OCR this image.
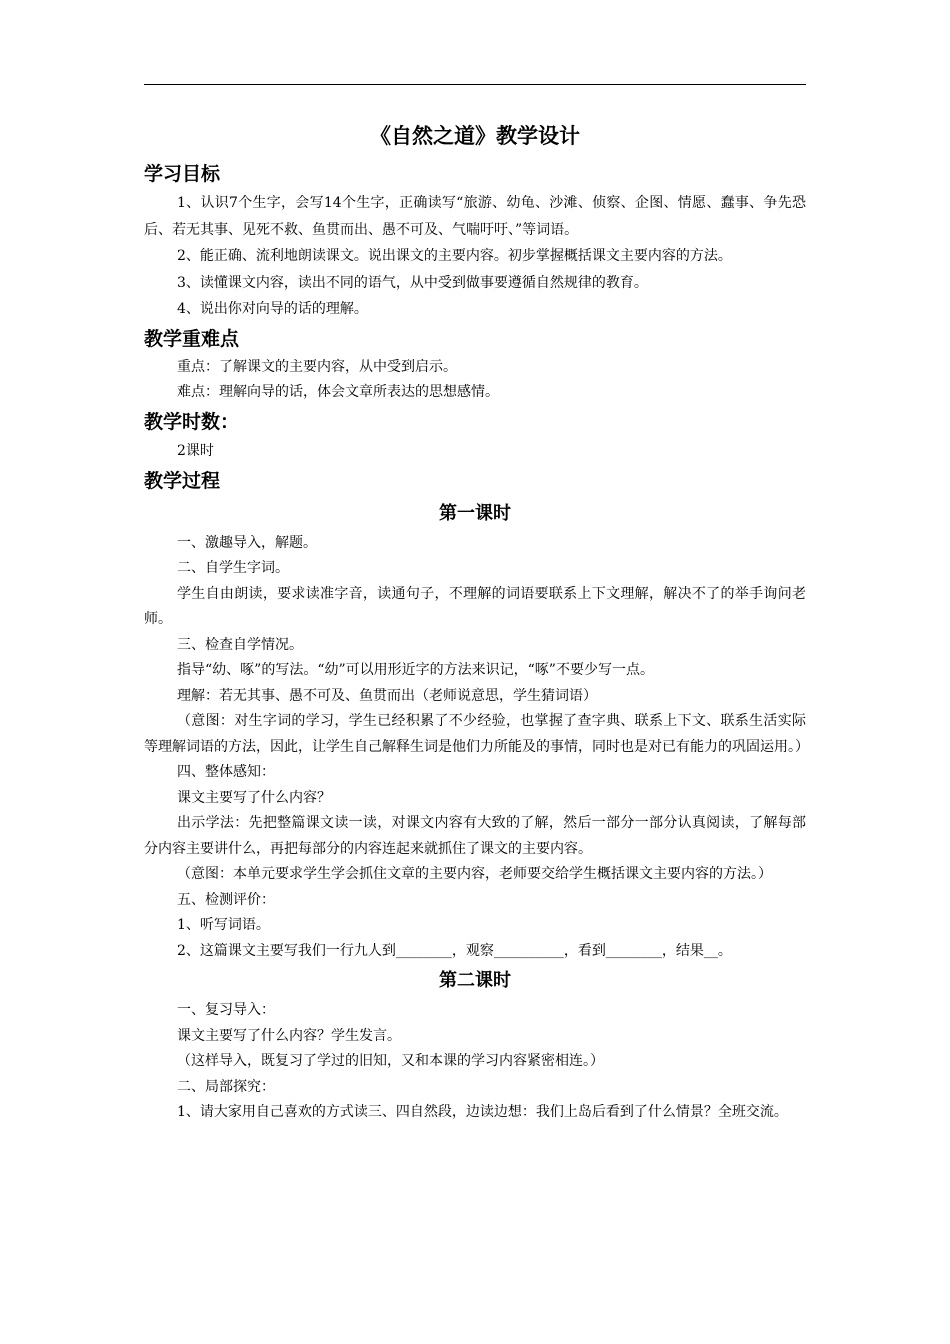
《自然之道》教学设计
学习目标

1、认识7个生字，会写14个生字，正确读写“旅游、幼龟、沙滩、侦察、企图、情愿、蠢事、争先恐后、若无其事、见死不救、鱼贯而出、愚不可及、气喘吁吁、”等词语。

2、能正确、流利地朗读课文。说出课文的主要内容。初步掌握概括课文主要内容的方法。

3、读懂课文内容，读出不同的语气，从中受到做事要遵循自然规律的教育。

4、说出你对向导的话的理解。

教学重难点

重点：了解课文的主要内容，从中受到启示。

难点：理解向导的话，体会文章所表达的思想感情。

教学时数：

2课时

教学过程
第一课时

一、激趣导入，解题。

二、自学生字词。

学生自由朗读，要求读准字音，读通句子，不理解的词语要联系上下文理解，解决不了的举手询问老师。

三、检查自学情况。

指导“幼、啄”的写法。“幼”可以用形近字的方法来识记，“啄”不要少写一点。

理解：若无其事、愚不可及、鱼贯而出（老师说意思，学生猜词语）

（意图：对生字词的学习，学生已经积累了不少经验，也掌握了查字典、联系上下文、联系生活实际等理解词语的方法，因此，让学生自己解释生词是他们力所能及的事情，同时也是对已有能力的巩固运用。）

四、整体感知：

课文主要写了什么内容？

出示学法：先把整篇课文读一读，对课文内容有大致的了解，然后一部分一部分认真阅读，了解每部分内容主要讲什么，再把每部分的内容连起来就抓住了课文的主要内容。

（意图：本单元要求学生学会抓住文章的主要内容，老师要交给学生概括课文主要内容的方法。）

五、检测评价：

1、听写词语。

2、这篇课文主要写我们一行九人到________，观察__________，看到________，结果__。

第二课时

一、复习导入：

课文主要写了什么内容？学生发言。

（这样导入，既复习了学过的旧知，又和本课的学习内容紧密相连。）

二、局部探究：

1、请大家用自己喜欢的方式读三、四自然段，边读边想：我们上岛后看到了什么情景？全班交流。
